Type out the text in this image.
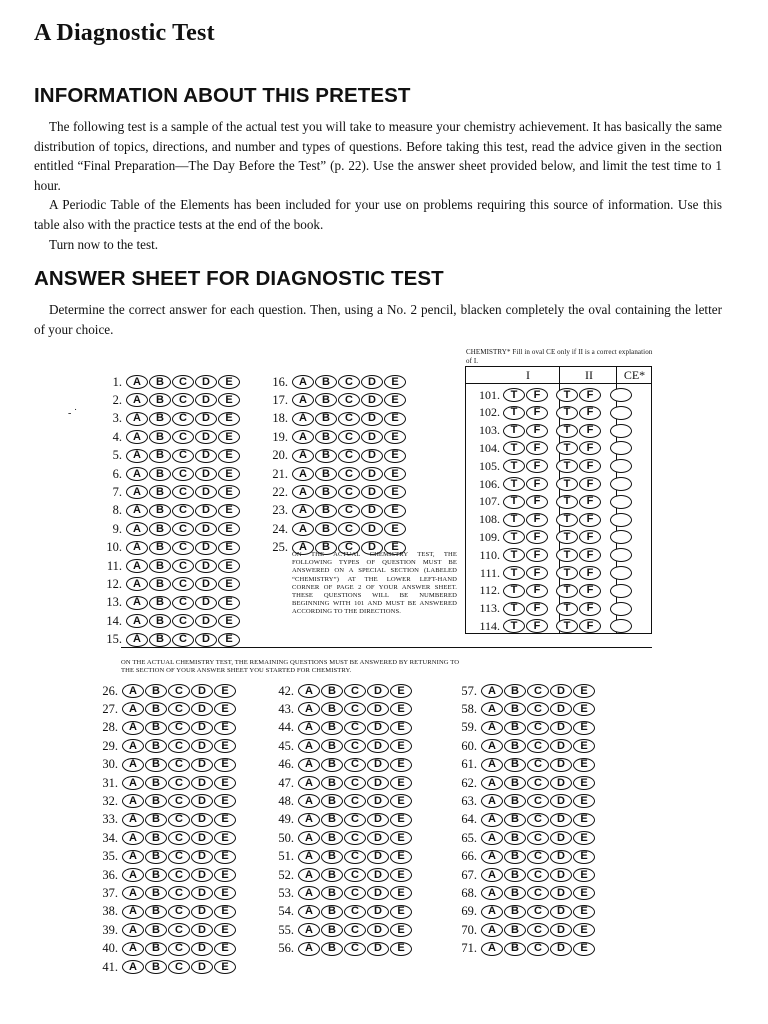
A Diagnostic Test
INFORMATION ABOUT THIS PRETEST

The following test is a sample of the actual test you will take to measure your chemistry achievement. It has basically the same distribution of topics, directions, and number and types of questions. Before taking this test, read the advice given in the section entitled “Final Preparation—The Day Before the Test” (p. 22). Use the answer sheet provided below, and limit the test time to 1 hour.

A Periodic Table of the Elements has been included for your use on problems requiring this source of information. Use this table also with the practice tests at the end of the book.

Turn now to the test.

ANSWER SHEET FOR DIAGNOSTIC TEST

Determine the correct answer for each question. Then, using a No. 2 pencil, blacken completely the oval containing the letter of your choice.

1.	A	B	C	D	E
2.	A	B	C	D	E
3.	A	B	C	D	E
4.	A	B	C	D	E
5.	A	B	C	D	E
6.	A	B	C	D	E
7.	A	B	C	D	E
8.	A	B	C	D	E
9.	A	B	C	D	E
10.	A	B	C	D	E
11.	A	B	C	D	E
12.	A	B	C	D	E
13.	A	B	C	D	E
14.	A	B	C	D	E
15.	A	B	C	D	E
16.	A	B	C	D	E
17.	A	B	C	D	E
18.	A	B	C	D	E
19.	A	B	C	D	E
20.	A	B	C	D	E
21.	A	B	C	D	E
22.	A	B	C	D	E
23.	A	B	C	D	E
24.	A	B	C	D	E
25.	A	B	C	D	E
26.	A	B	C	D	E
27.	A	B	C	D	E
28.	A	B	C	D	E
29.	A	B	C	D	E
30.	A	B	C	D	E
31.	A	B	C	D	E
32.	A	B	C	D	E
33.	A	B	C	D	E
34.	A	B	C	D	E
35.	A	B	C	D	E
36.	A	B	C	D	E
37.	A	B	C	D	E
38.	A	B	C	D	E
39.	A	B	C	D	E
40.	A	B	C	D	E
41.	A	B	C	D	E
42.	A	B	C	D	E
43.	A	B	C	D	E
44.	A	B	C	D	E
45.	A	B	C	D	E
46.	A	B	C	D	E
47.	A	B	C	D	E
48.	A	B	C	D	E
49.	A	B	C	D	E
50.	A	B	C	D	E
51.	A	B	C	D	E
52.	A	B	C	D	E
53.	A	B	C	D	E
54.	A	B	C	D	E
55.	A	B	C	D	E
56.	A	B	C	D	E
57.	A	B	C	D	E
58.	A	B	C	D	E
59.	A	B	C	D	E
60.	A	B	C	D	E
61.	A	B	C	D	E
62.	A	B	C	D	E
63.	A	B	C	D	E
64.	A	B	C	D	E
65.	A	B	C	D	E
66.	A	B	C	D	E
67.	A	B	C	D	E
68.	A	B	C	D	E
69.	A	B	C	D	E
70.	A	B	C	D	E
71.	A	B	C	D	E
CHEMISTRY* Fill in oval CE only if II is a correct explanation of I.
I	II	CE*
101. T	F	T	F
102. T	F	T	F
103. T	F	T	F
104. T	F	T	F
105. T	F	T	F
106. T	F	T	F
107. T	F	T	F
108. T	F	T	F
109. T	F	T	F
110. T	F	T	F
111. T	F	T	F
112. T	F	T	F
113. T	F	T	F
114. T	F	T	F
ON THE ACTUAL CHEMISTRY TEST, THE FOLLOWING TYPES OF QUESTION MUST BE ANSWERED ON A SPECIAL SECTION (LABELED “CHEMISTRY”) AT THE LOWER LEFT-HAND CORNER OF PAGE 2 OF YOUR ANSWER SHEET. THESE QUESTIONS WILL BE NUMBERED BEGINNING WITH 101 AND MUST BE ANSWERED ACCORDING TO THE DIRECTIONS.
ON THE ACTUAL CHEMISTRY TEST, THE REMAINING QUESTIONS MUST BE ANSWERED BY RETURNING TO THE SECTION OF YOUR ANSWER SHEET YOU STARTED FOR CHEMISTRY.
- ˙
